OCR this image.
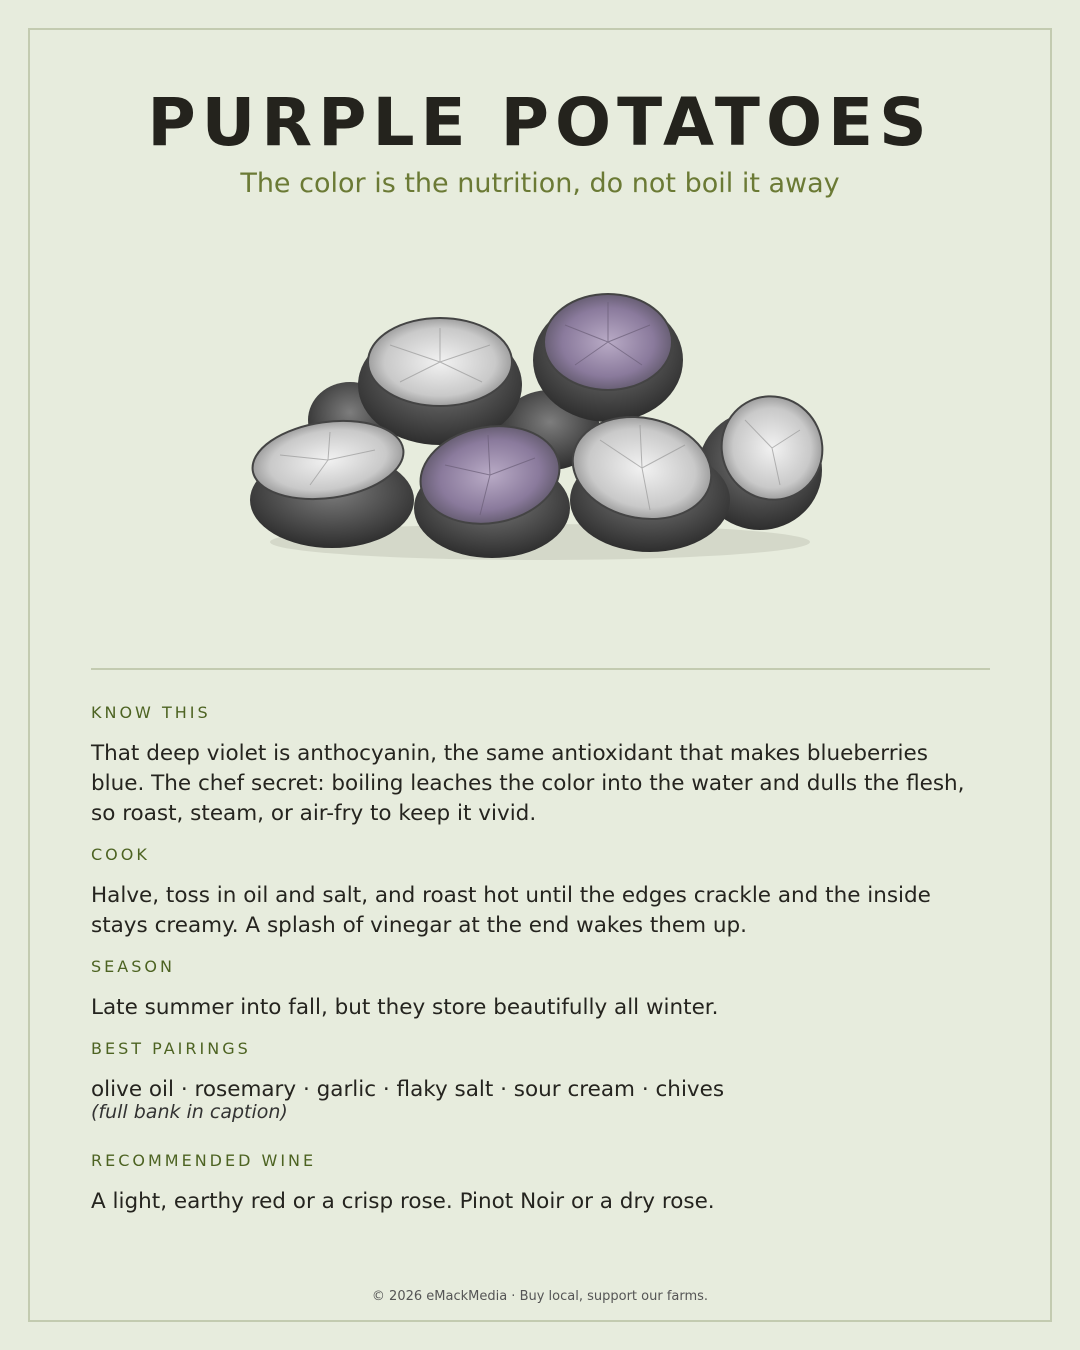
PURPLE POTATOES
The color is the nutrition, do not boil it away
KNOW THIS
That deep violet is anthocyanin, the same antioxidant that makes blueberries blue. The chef secret: boiling leaches the color into the water and dulls the flesh, so roast, steam, or air-fry to keep it vivid.
COOK
Halve, toss in oil and salt, and roast hot until the edges crackle and the inside stays creamy. A splash of vinegar at the end wakes them up.
SEASON
Late summer into fall, but they store beautifully all winter.
BEST PAIRINGS
olive oil · rosemary · garlic · flaky salt · sour cream · chives
(full bank in caption)
RECOMMENDED WINE
A light, earthy red or a crisp rose. Pinot Noir or a dry rose.
© 2026 eMackMedia · Buy local, support our farms.
